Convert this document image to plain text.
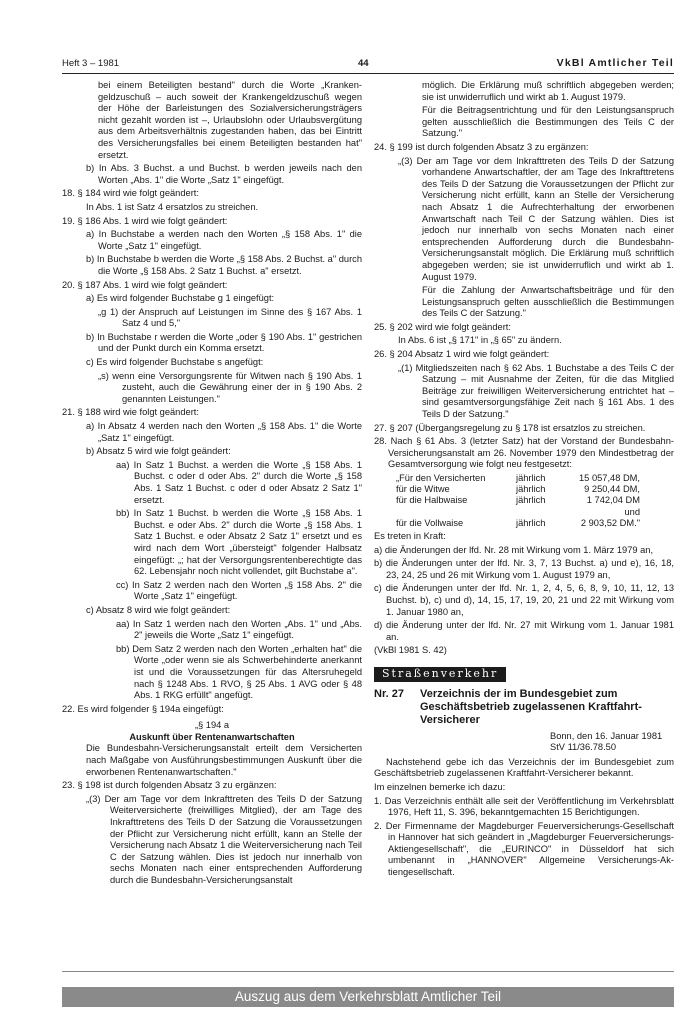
Heft 3 – 1981	44	VkBl Amtlicher Teil
bei einem Beteiligten bestand" durch die Worte „Krankengeldzuschuß – auch soweit der Krankengeldzuschuß wegen der Höhe der Barleistungen des Sozialversicherungsträgers nicht gezahlt worden ist –, Urlaubslohn oder Urlaubsvergütung aus dem Arbeitsverhältnis zugestanden haben, das bei Eintritt des Versicherungsfalles bei einem Beteiligten bestanden hat" ersetzt.
b) In Abs. 3 Buchst. a und Buchst. b werden jeweils nach den Worten „Abs. 1" die Worte „Satz 1" eingefügt.
18. § 184 wird wie folgt geändert:
In Abs. 1 ist Satz 4 ersatzlos zu streichen.
19. § 186 Abs. 1 wird wie folgt geändert:
a) In Buchstabe a werden nach den Worten „§ 158 Abs. 1" die Worte „Satz 1" eingefügt.
b) In Buchstabe b werden die Worte „§ 158 Abs. 2 Buchst. a" durch die Worte „§ 158 Abs. 2 Satz 1 Buchst. a" ersetzt.
20. § 187 Abs. 1 wird wie folgt geändert:
a) Es wird folgender Buchstabe g 1 eingefügt:
„g 1) der Anspruch auf Leistungen im Sinne des § 167 Abs. 1 Satz 4 und 5,"
b) In Buchstabe r werden die Worte „oder § 190 Abs. 1" gestrichen und der Punkt durch ein Komma ersetzt.
c) Es wird folgender Buchstabe s angefügt:
„s) wenn eine Versorgungsrente für Witwen nach § 190 Abs. 1 zusteht, auch die Gewährung einer der in § 190 Abs. 2 genannten Leistungen."
21. § 188 wird wie folgt geändert:
a) In Absatz 4 werden nach den Worten „§ 158 Abs. 1" die Worte „Satz 1" eingefügt.
b) Absatz 5 wird wie folgt geändert:
aa) In Satz 1 Buchst. a werden die Worte „§ 158 Abs. 1 Buchst. c oder d oder Abs. 2" durch die Worte „§ 158 Abs. 1 Satz 1 Buchst. c oder d oder Absatz 2 Satz 1" ersetzt.
bb) In Satz 1 Buchst. b werden die Worte „§ 158 Abs. 1 Buchst. e oder Abs. 2" durch die Worte „§ 158 Abs. 1 Satz 1 Buchst. e oder Absatz 2 Satz 1" ersetzt und es wird nach dem Wort „übersteigt" folgender Halbsatz eingefügt: „; hat der Versorgungsrentenberechtigte das 62. Lebensjahr noch nicht vollendet, gilt Buchstabe a".
cc) In Satz 2 werden nach den Worten „§ 158 Abs. 2" die Worte „Satz 1" eingefügt.
c) Absatz 8 wird wie folgt geändert:
aa) In Satz 1 werden nach den Worten „Abs. 1" und „Abs. 2" jeweils die Worte „Satz 1" eingefügt.
bb) Dem Satz 2 werden nach den Worten „erhalten hat" die Worte „oder wenn sie als Schwerbehinderte anerkannt ist und die Voraussetzungen für das Altersruhegeld nach § 1248 Abs. 1 RVO, § 25 Abs. 1 AVG oder § 48 Abs. 1 RKG erfüllt" angefügt.
22. Es wird folgender § 194a eingefügt:
„§ 194 a
Auskunft über Rentenanwartschaften
Die Bundesbahn-Versicherungsanstalt erteilt dem Versicherten nach Maßgabe von Ausführungsbestimmungen Auskunft über die erworbenen Rentenanwartschaften."
23. § 198 ist durch folgenden Absatz 3 zu ergänzen:
„(3) Der am Tage vor dem Inkrafttreten des Teils D der Satzung Weiterversicherte (freiwilliges Mitglied), der am Tage des Inkrafttretens des Teils D der Satzung die Voraussetzungen der Pflicht zur Versicherung nicht erfüllt, kann an Stelle der Versicherung nach Absatz 1 die Weiterversicherung nach Teil C der Satzung wählen. Dies ist jedoch nur innerhalb von sechs Monaten nach einer entsprechenden Aufforderung durch die Bundesbahn-Versicherungsanstalt
möglich. Die Erklärung muß schriftlich abgegeben werden; sie ist unwiderruflich und wirkt ab 1. August 1979.
Für die Beitragsentrichtung und für den Leistungsanspruch gelten ausschließlich die Bestimmungen des Teils C der Satzung."
24. § 199 ist durch folgenden Absatz 3 zu ergänzen:
„(3) Der am Tage vor dem Inkrafttreten des Teils D der Satzung vorhandene Anwartschaftler, der am Tage des Inkrafttretens des Teils D der Satzung die Voraussetzungen der Pflicht zur Versicherung nicht erfüllt, kann an Stelle der Versicherung nach Absatz 1 die Aufrechterhaltung der erworbenen Anwartschaft nach Teil C der Satzung wählen. Dies ist jedoch nur innerhalb von sechs Monaten nach einer entsprechenden Aufforderung durch die Bundesbahn-Versicherungsanstalt möglich. Die Erklärung muß schriftlich abgegeben werden; sie ist unwiderruflich und wirkt ab 1. August 1979.
Für die Zahlung der Anwartschaftsbeiträge und für den Leistungsanspruch gelten ausschließlich die Bestimmungen des Teils C der Satzung."
25. § 202 wird wie folgt geändert:
In Abs. 6 ist „§ 171" in „§ 65" zu ändern.
26. § 204 Absatz 1 wird wie folgt geändert:
„(1) Mitgliedszeiten nach § 62 Abs. 1 Buchstabe a des Teils C der Satzung – mit Ausnahme der Zeiten, für die das Mitglied Beiträge zur freiwilligen Weiterversicherung entrichtet hat – sind gesamtversorgungsfähige Zeit nach § 161 Abs. 1 des Teils D der Satzung."
27. § 207 (Übergangsregelung zu § 178 ist ersatzlos zu streichen.
28. Nach § 61 Abs. 3 (letzter Satz) hat der Vorstand der Bundesbahn-Versicherungsanstalt am 26. November 1979 den Mindestbetrag der Gesamtversorgung wie folgt neu festgesetzt:
„Für den Versicherten	jährlich	15 057,48 DM,
für die Witwe	jährlich	9 250,44 DM,
für die Halbwaise	jährlich	1 742,04 DM und
für die Vollwaise	jährlich	2 903,52 DM."
Es treten in Kraft:
a) die Änderungen der lfd. Nr. 28 mit Wirkung vom 1. März 1979 an,
b) die Änderungen unter der lfd. Nr. 3, 7, 13 Buchst. a) und e), 16, 18, 23, 24, 25 und 26 mit Wirkung vom 1. August 1979 an,
c) die Änderungen unter der lfd. Nr. 1, 2, 4, 5, 6, 8, 9, 10, 11, 12, 13 Buchst. b), c) und d), 14, 15, 17, 19, 20, 21 und 22 mit Wirkung vom 1. Januar 1980 an,
d) die Änderung unter der lfd. Nr. 27 mit Wirkung vom 1. Januar 1981 an.
(VkBl 1981 S. 42)
Straßenverkehr
Nr. 27	Verzeichnis der im Bundesgebiet zum Geschäftsbetrieb zugelassenen Kraftfahrt-Versicherer
Bonn, den 16. Januar 1981
StV 11/36.78.50
Nachstehend gebe ich das Verzeichnis der im Bundesgebiet zum Geschäftsbetrieb zugelassenen Kraftfahrt-Versicherer bekannt.
Im einzelnen bemerke ich dazu:
1. Das Verzeichnis enthält alle seit der Veröffentlichung im Verkehrsblatt 1976, Heft 11, S. 396, bekanntgemachten 15 Berichtigungen.
2. Der Firmenname der Magdeburger Feuerversicherungs-Gesellschaft in Hannover hat sich geändert in „Magdeburger Feuerversicherungs-Aktiengesellschaft", die „EURINCO" in Düsseldorf hat sich umbenannt in „HANNOVER" Allgemeine Versicherungs-Aktiengesellschaft.
Auszug aus dem Verkehrsblatt Amtlicher Teil
